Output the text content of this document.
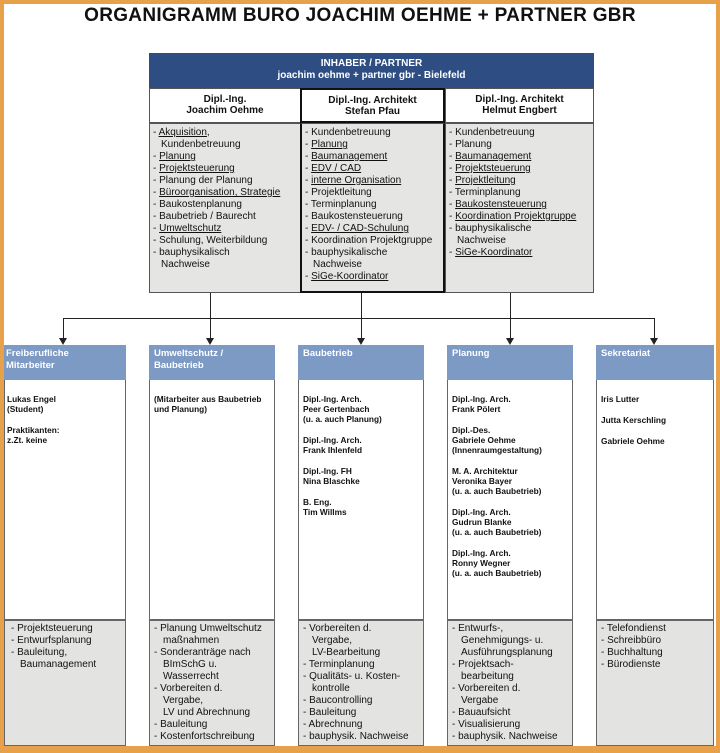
ORGANIGRAMM BURO JOACHIM OEHME + PARTNER GBR
INHABER / PARTNER
joachim oehme + partner gbr - Bielefeld
Dipl.-Ing.
Joachim Oehme
Dipl.-Ing. Architekt
Stefan Pfau
Dipl.-Ing. Architekt
Helmut Engbert
- Akquisition,
Kundenbetreuung
- Planung
- Projektsteuerung
- Planung der Planung
- Büroorganisation, Strategie
- Baukostenplanung
- Baubetrieb / Baurecht
- Umweltschutz
- Schulung, Weiterbildung
- bauphysikalisch
Nachweise
- Kundenbetreuung
- Planung
- Baumanagement
- EDV / CAD
- interne Organisation
- Projektleitung
- Terminplanung
- Baukostensteuerung
- EDV- / CAD-Schulung
- Koordination Projektgruppe
- bauphysikalische
Nachweise
- SiGe-Koordinator
- Kundenbetreuung
- Planung
- Baumanagement
- Projektsteuerung
- Projektleitung
- Terminplanung
- Baukostensteuerung
- Koordination Projektgruppe
- bauphysikalische
Nachweise
- SiGe-Koordinator
Freiberufliche
Mitarbeiter
Lukas Engel
(Student)
Praktikanten:
z.Zt. keine
- Projektsteuerung
- Entwurfsplanung
- Bauleitung,
Baumanagement
Umweltschutz /
Baubetrieb
(Mitarbeiter aus Baubetrieb
und Planung)
- Planung Umweltschutz
maßnahmen
- Sonderanträge nach
BImSchG u.
Wasserrecht
- Vorbereiten d.
Vergabe,
LV und Abrechnung
- Bauleitung
- Kostenfortschreibung
Baubetrieb
Dipl.-Ing. Arch.
Peer Gertenbach
(u. a. auch Planung)
Dipl.-Ing. Arch.
Frank Ihlenfeld
Dipl.-Ing. FH
Nina Blaschke
B. Eng.
Tim Willms
- Vorbereiten d.
Vergabe,
LV-Bearbeitung
- Terminplanung
- Qualitäts- u. Kosten-
kontrolle
- Baucontrolling
- Bauleitung
- Abrechnung
- bauphysik. Nachweise
Planung
Dipl.-Ing. Arch.
Frank Pölert
Dipl.-Des.
Gabriele Oehme
(Innenraumgestaltung)
M. A. Architektur
Veronika Bayer
(u. a. auch Baubetrieb)
Dipl.-Ing. Arch.
Gudrun Blanke
(u. a. auch Baubetrieb)
Dipl.-Ing. Arch.
Ronny Wegner
(u. a. auch Baubetrieb)
- Entwurfs-,
Genehmigungs- u.
Ausführungsplanung
- Projektsach-
bearbeitung
- Vorbereiten d.
Vergabe
- Bauaufsicht
- Visualisierung
- bauphysik. Nachweise
Sekretariat
Iris Lutter
Jutta Kerschling
Gabriele Oehme
- Telefondienst
- Schreibbüro
- Buchhaltung
- Bürodienste
